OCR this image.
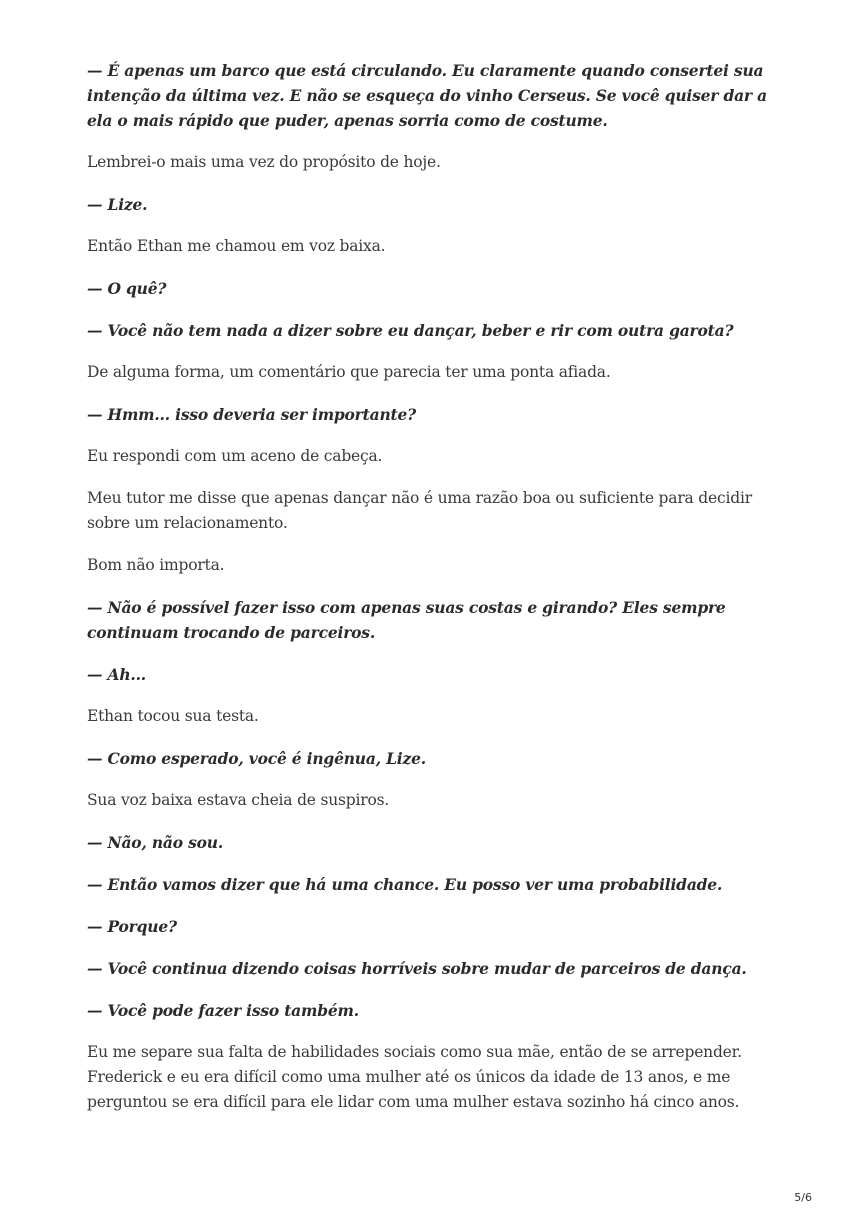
— É apenas um barco que está circulando. Eu claramente quando consertei sua intenção da última vez. E não se esqueça do vinho Cerseus. Se você quiser dar a ela o mais rápido que puder, apenas sorria como de costume.

Lembrei-o mais uma vez do propósito de hoje.

— Lize.

Então Ethan me chamou em voz baixa.

— O quê?

— Você não tem nada a dizer sobre eu dançar, beber e rir com outra garota?

De alguma forma, um comentário que parecia ter uma ponta afiada.

— Hmm... isso deveria ser importante?

Eu respondi com um aceno de cabeça.

Meu tutor me disse que apenas dançar não é uma razão boa ou suficiente para decidir sobre um relacionamento.

Bom não importa.

— Não é possível fazer isso com apenas suas costas e girando? Eles sempre continuam trocando de parceiros.

— Ah...

Ethan tocou sua testa.

— Como esperado, você é ingênua, Lize.

Sua voz baixa estava cheia de suspiros.

— Não, não sou.

— Então vamos dizer que há uma chance. Eu posso ver uma probabilidade.

— Porque?

— Você continua dizendo coisas horríveis sobre mudar de parceiros de dança.

— Você pode fazer isso também.

Eu me separe sua falta de habilidades sociais como sua mãe, então de se arrepender. Frederick e eu era difícil como uma mulher até os únicos da idade de 13 anos, e me perguntou se era difícil para ele lidar com uma mulher estava sozinho há cinco anos.

5/6
